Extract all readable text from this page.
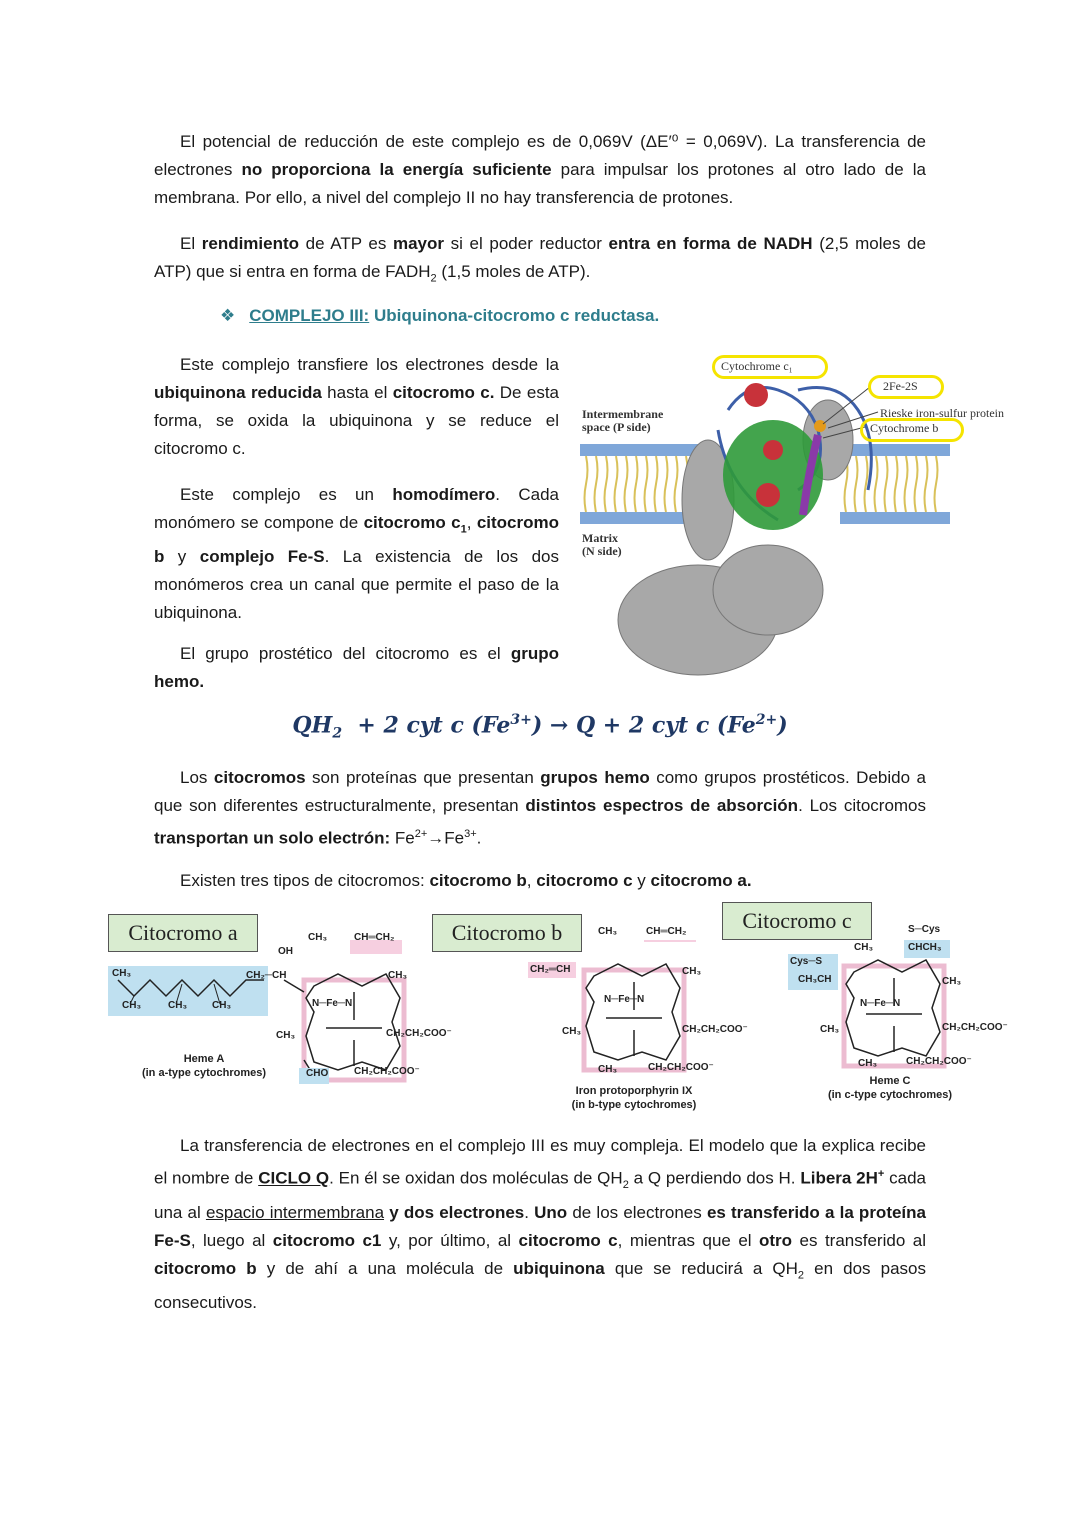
El potencial de reducción de este complejo es de 0,069V (ΔE′⁰ = 0,069V). La transferencia de electrones no proporciona la energía suficiente para impulsar los protones al otro lado de la membrana. Por ello, a nivel del complejo II no hay transferencia de protones.

El rendimiento de ATP es mayor si el poder reductor entra en forma de NADH (2,5 moles de ATP) que si entra en forma de $FADH_2$ (1,5 moles de ATP).

❖ COMPLEJO III: Ubiquinona-citocromo c reductasa.

Este complejo transfiere los electrones desde la ubiquinona reducida hasta el citocromo c. De esta forma, se oxida la ubiquinona y se reduce el citocromo c.

Este complejo es un homodímero. Cada monómero se compone de citocromo $c_1$, citocromo b y complejo Fe-S. La existencia de los dos monómeros crea un canal que permite el paso de la ubiquinona.

El grupo prostético del citocromo es el grupo hemo.

Cytochrome c₁
2Fe-2S
Rieske iron-sulfur protein
Cytochrome b
Intermembrane
space (P side)
Matrix
(N side)
$QH_2 + 2$ cyt c $(Fe^{3+}) \to Q + 2$ cyt c $(Fe^{2+})$

Los citocromos son proteínas que presentan grupos hemo como grupos prostéticos. Debido a que son diferentes estructuralmente, presentan distintos espectros de absorción. Los citocromos transportan un solo electrón: $Fe^{2+}\to Fe^{3+}$.

Existen tres tipos de citocromos: citocromo b, citocromo c y citocromo a.

Citocromo a	CH₃	CH═CH₂
OH
CH₃	CH₂─CH	CH₃
CH₃	CH₃ CH₃	N─Fe─N
CH₃	CH₂CH₂COO⁻
CHO	CH₂CH₂COO⁻
Heme A
(in a-type cytochromes)
Citocromo b	CH₃	CH═CH₂
CH₂═CH	CH₃
N─Fe─N
CH₃	CH₂CH₂COO⁻
CH₃	CH₂CH₂COO⁻
Iron protoporphyrin IX
(in b-type cytochromes)
Citocromo c	S─Cys
CHCH₃
CH₃
Cys─S
CH₃CH	CH₃
N─Fe─N
CH₃	CH₂CH₂COO⁻
CH₃	CH₂CH₂COO⁻
Heme C
(in c-type cytochromes)

La transferencia de electrones en el complejo III es muy compleja. El modelo que la explica recibe el nombre de CICLO Q. En él se oxidan dos moléculas de $QH_2$ a Q perdiendo dos H. Libera 2H+ cada una al espacio intermembrana y dos electrones. Uno de los electrones es transferido a la proteína Fe-S, luego al citocromo c1 y, por último, al citocromo c, mientras que el otro es transferido al citocromo b y de ahí a una molécula de ubiquinona que se reducirá a $QH_2$ en dos pasos consecutivos.
